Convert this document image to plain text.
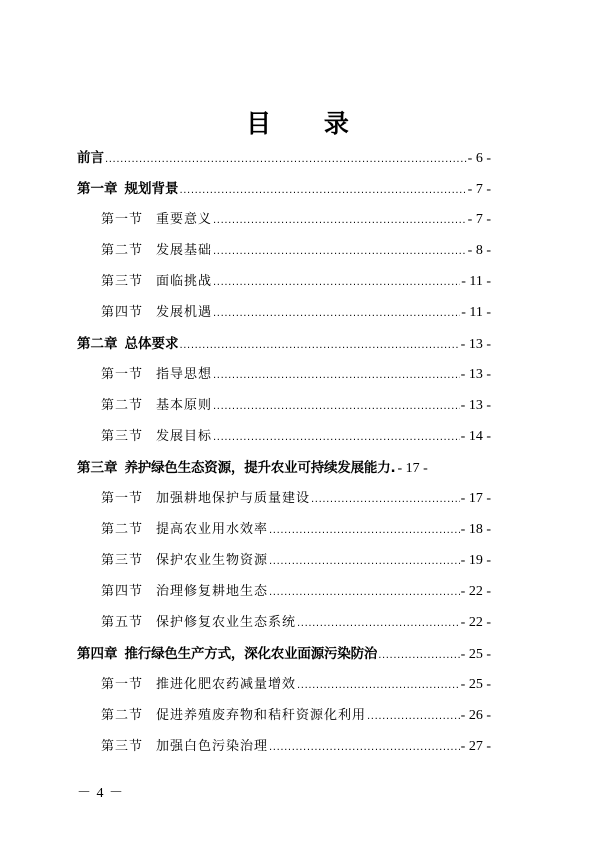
目 录
前言 .....	- 6 -
第一章 规划背景 .....	- 7 -
第一节 重要意义 .....	- 7 -
第二节 发展基础 .....	- 8 -
第三节 面临挑战 .....	- 11 -
第四节 发展机遇 .....	- 11 -
第二章 总体要求 .....	- 13 -
第一节 指导思想 .....	- 13 -
第二节 基本原则 .....	- 13 -
第三节 发展目标 .....	- 14 -
第三章 养护绿色生态资源，提升农业可持续发展能力. - 17 -
第一节 加强耕地保护与质量建设 .....	- 17 -
第二节 提高农业用水效率 .....	- 18 -
第三节 保护农业生物资源 .....	- 19 -
第四节 治理修复耕地生态 .....	- 22 -
第五节 保护修复农业生态系统 .....	- 22 -
第四章 推行绿色生产方式，深化农业面源污染防治 .....	- 25 -
第一节 推进化肥农药减量增效 .....	- 25 -
第二节 促进养殖废弃物和秸秆资源化利用 .....	- 26 -
第三节 加强白色污染治理 .....	- 27 -
－ 4 －
